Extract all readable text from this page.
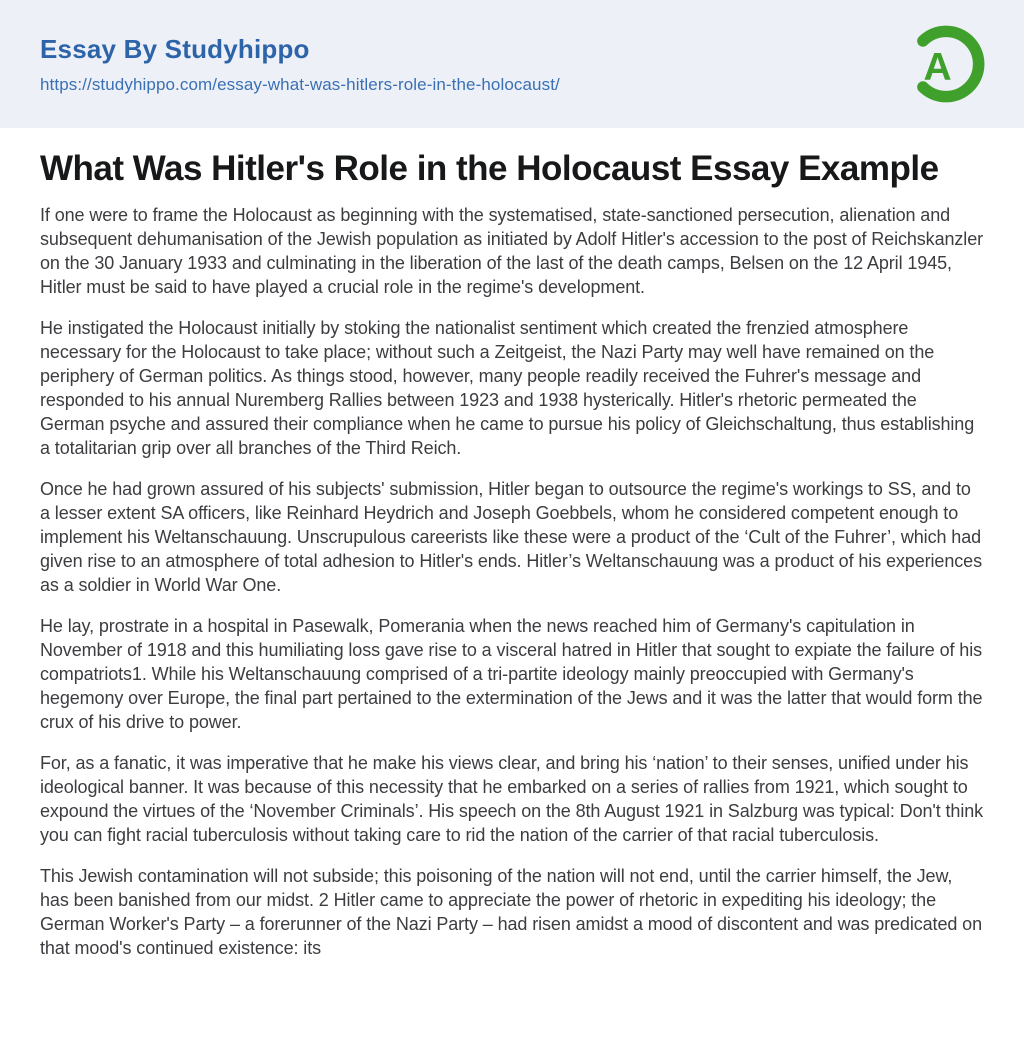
Essay By Studyhippo
https://studyhippo.com/essay-what-was-hitlers-role-in-the-holocaust/	A
What Was Hitler's Role in the Holocaust Essay Example

If one were to frame the Holocaust as beginning with the systematised, state-sanctioned persecution, alienation and subsequent dehumanisation of the Jewish population as initiated by Adolf Hitler's accession to the post of Reichskanzler on the 30 January 1933 and culminating in the liberation of the last of the death camps, Belsen on the 12 April 1945, Hitler must be said to have played a crucial role in the regime's development.

He instigated the Holocaust initially by stoking the nationalist sentiment which created the frenzied atmosphere necessary for the Holocaust to take place; without such a Zeitgeist, the Nazi Party may well have remained on the periphery of German politics. As things stood, however, many people readily received the Fuhrer's message and responded to his annual Nuremberg Rallies between 1923 and 1938 hysterically. Hitler's rhetoric permeated the German psyche and assured their compliance when he came to pursue his policy of Gleichschaltung, thus establishing a totalitarian grip over all branches of the Third Reich.

Once he had grown assured of his subjects' submission, Hitler began to outsource the regime's workings to SS, and to a lesser extent SA officers, like Reinhard Heydrich and Joseph Goebbels, whom he considered competent enough to implement his Weltanschauung. Unscrupulous careerists like these were a product of the ‘Cult of the Fuhrer’, which had given rise to an atmosphere of total adhesion to Hitler's ends. Hitler’s Weltanschauung was a product of his experiences as a soldier in World War One.

He lay, prostrate in a hospital in Pasewalk, Pomerania when the news reached him of Germany's capitulation in November of 1918 and this humiliating loss gave rise to a visceral hatred in Hitler that sought to expiate the failure of his compatriots1. While his Weltanschauung comprised of a tri-partite ideology mainly preoccupied with Germany's hegemony over Europe, the final part pertained to the extermination of the Jews and it was the latter that would form the crux of his drive to power.

For, as a fanatic, it was imperative that he make his views clear, and bring his ‘nation’ to their senses, unified under his ideological banner. It was because of this necessity that he embarked on a series of rallies from 1921, which sought to expound the virtues of the ‘November Criminals’. His speech on the 8th August 1921 in Salzburg was typical: Don't think you can fight racial tuberculosis without taking care to rid the nation of the carrier of that racial tuberculosis.

This Jewish contamination will not subside; this poisoning of the nation will not end, until the carrier himself, the Jew, has been banished from our midst. 2 Hitler came to appreciate the power of rhetoric in expediting his ideology; the German Worker's Party – a forerunner of the Nazi Party – had risen amidst a mood of discontent and was predicated on that mood's continued existence: its
